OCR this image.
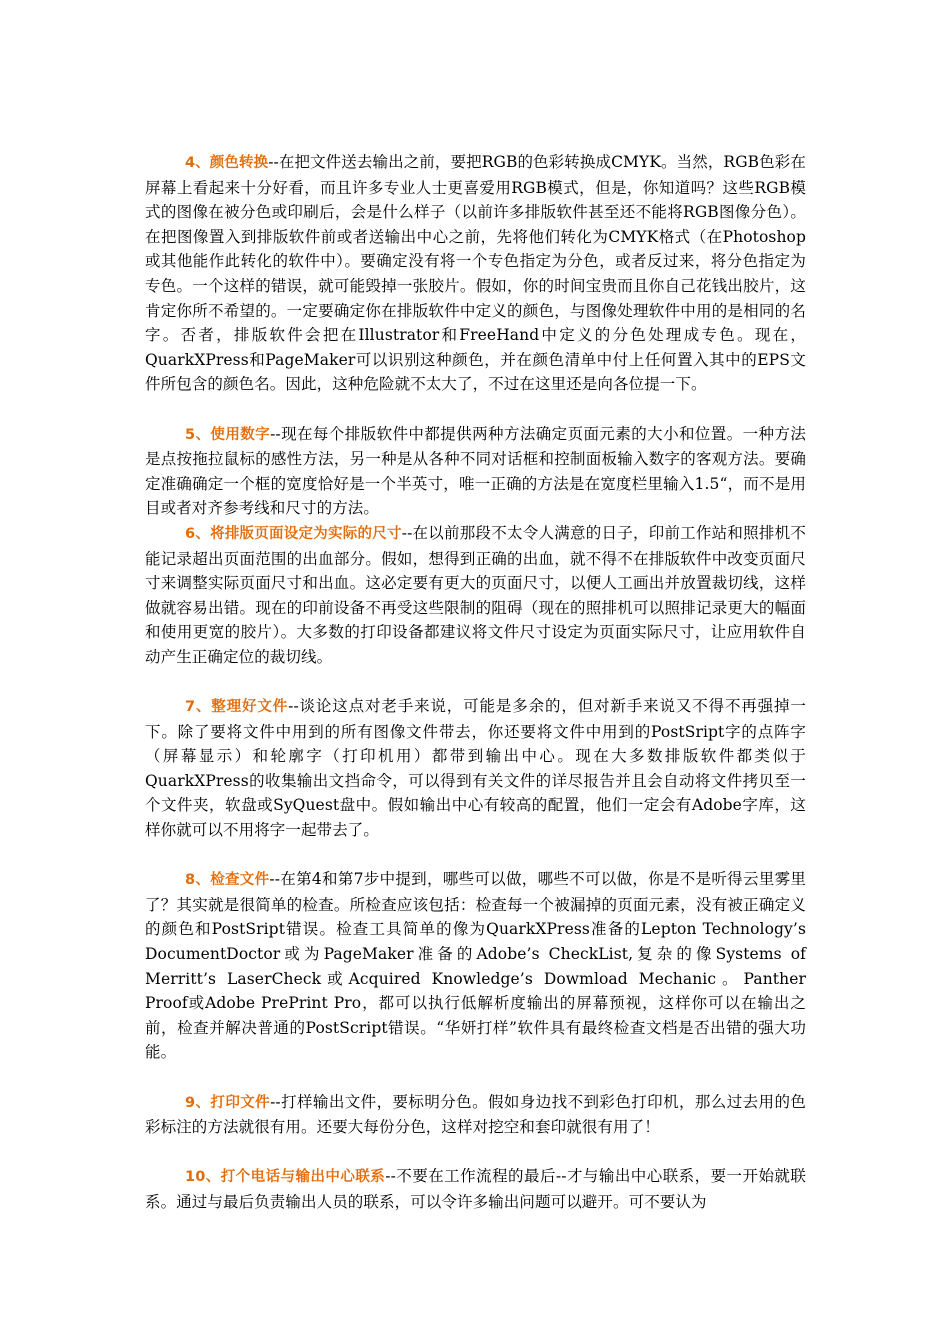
4、颜色转换--在把文件送去输出之前，要把RGB的色彩转换成CMYK。当然，RGB色彩在屏幕上看起来十分好看，而且许多专业人士更喜爱用RGB模式，但是，你知道吗？这些RGB模式的图像在被分色或印刷后，会是什么样子（以前许多排版软件甚至还不能将RGB图像分色）。在把图像置入到排版软件前或者送输出中心之前，先将他们转化为CMYK格式（在Photoshop或其他能作此转化的软件中）。要确定没有将一个专色指定为分色，或者反过来，将分色指定为专色。一个这样的错误，就可能毁掉一张胶片。假如，你的时间宝贵而且你自己花钱出胶片，这肯定你所不希望的。一定要确定你在排版软件中定义的颜色，与图像处理软件中用的是相同的名字。否者，排版软件会把在Illustrator和FreeHand中定义的分色处理成专色。现在，QuarkXPress和PageMaker可以识别这种颜色，并在颜色清单中付上任何置入其中的EPS文件所包含的颜色名。因此，这种危险就不太大了，不过在这里还是向各位提一下。

5、使用数字--现在每个排版软件中都提供两种方法确定页面元素的大小和位置。一种方法是点按拖拉鼠标的感性方法，另一种是从各种不同对话框和控制面板输入数字的客观方法。要确定准确确定一个框的宽度恰好是一个半英寸，唯一正确的方法是在宽度栏里输入1.5“，而不是用目或者对齐参考线和尺寸的方法。

6、将排版页面设定为实际的尺寸--在以前那段不太令人满意的日子，印前工作站和照排机不能记录超出页面范围的出血部分。假如，想得到正确的出血，就不得不在排版软件中改变页面尺寸来调整实际页面尺寸和出血。这必定要有更大的页面尺寸，以便人工画出并放置裁切线，这样做就容易出错。现在的印前设备不再受这些限制的阻碍（现在的照排机可以照排记录更大的幅面和使用更宽的胶片）。大多数的打印设备都建议将文件尺寸设定为页面实际尺寸，让应用软件自动产生正确定位的裁切线。

7、整理好文件--谈论这点对老手来说，可能是多余的，但对新手来说又不得不再强掉一下。除了要将文件中用到的所有图像文件带去，你还要将文件中用到的PostSript字的点阵字（屏幕显示）和轮廓字（打印机用）都带到输出中心。现在大多数排版软件都类似于QuarkXPress的收集输出文挡命令，可以得到有关文件的详尽报告并且会自动将文件拷贝至一个文件夹，软盘或SyQuest盘中。假如输出中心有较高的配置，他们一定会有Adobe字库，这样你就可以不用将字一起带去了。

8、检查文件--在第4和第7步中提到，哪些可以做，哪些不可以做，你是不是听得云里雾里了？其实就是很简单的检查。所检查应该包括：检查每一个被漏掉的页面元素，没有被正确定义的颜色和PostSript错误。检查工具简单的像为QuarkXPress准备的Lepton Technology’s DocumentDoctor或为PageMaker准备的Adobe’s CheckList,复杂的像Systems of Merritt’s LaserCheck或Acquired Knowledge’s Dowmload Mechanic。Panther Proof或Adobe PrePrint Pro，都可以执行低解析度输出的屏幕预视，这样你可以在输出之前，检查并解决普通的PostScript错误。“华妍打样”软件具有最终检查文档是否出错的强大功能。

9、打印文件--打样输出文件，要标明分色。假如身边找不到彩色打印机，那么过去用的色彩标注的方法就很有用。还要大每份分色，这样对挖空和套印就很有用了！

10、打个电话与输出中心联系--不要在工作流程的最后--才与输出中心联系，要一开始就联系。通过与最后负责输出人员的联系，可以令许多输出问题可以避开。可不要认为
